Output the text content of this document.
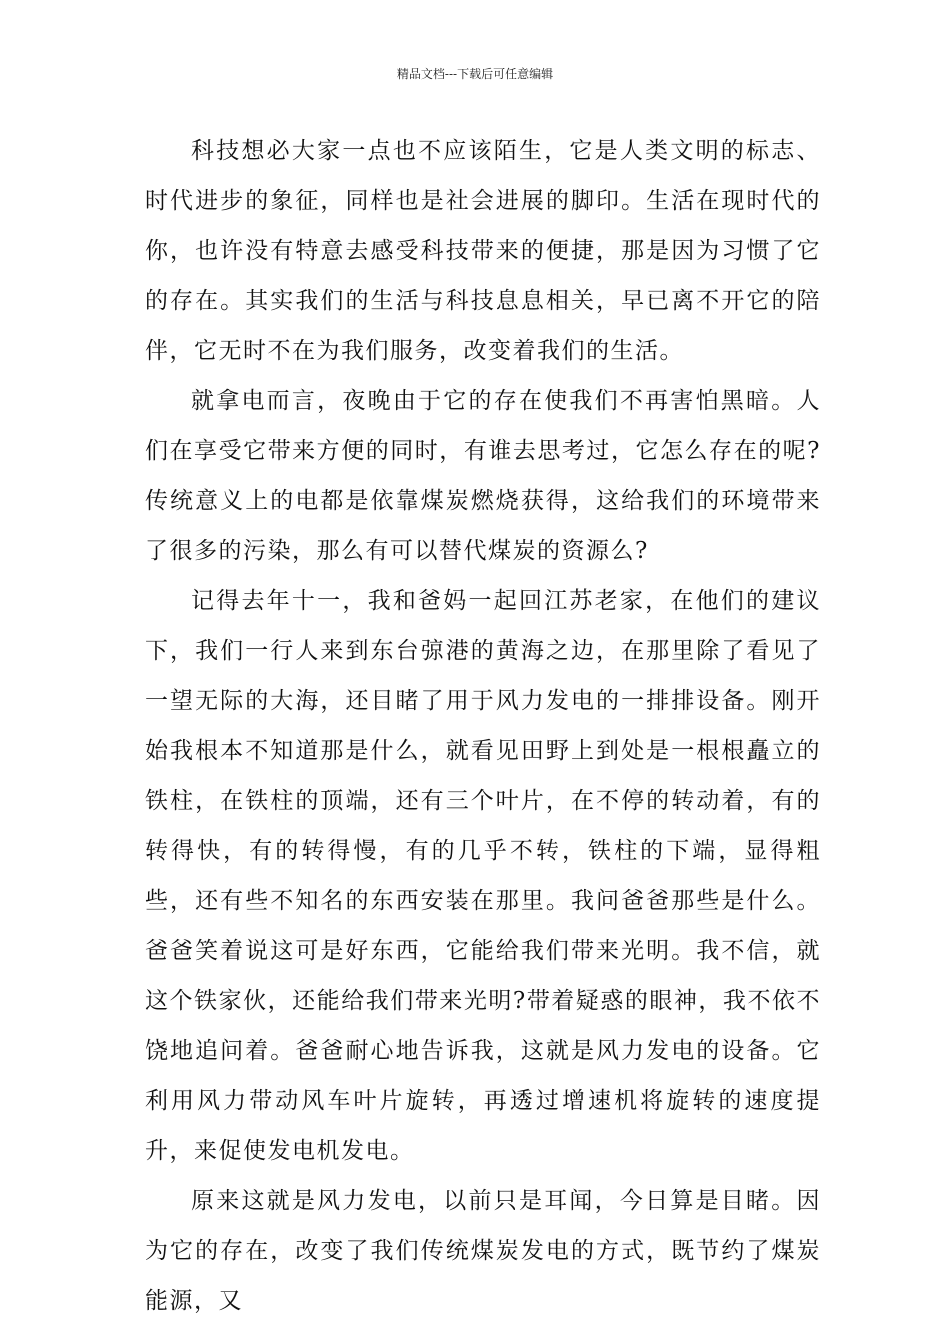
精品文档---下载后可任意编辑

科技想必大家一点也不应该陌生，它是人类文明的标志、时代进步的象征，同样也是社会进展的脚印。生活在现时代的你，也许没有特意去感受科技带来的便捷，那是因为习惯了它的存在。其实我们的生活与科技息息相关，早已离不开它的陪伴，它无时不在为我们服务，改变着我们的生活。

就拿电而言，夜晚由于它的存在使我们不再害怕黑暗。人们在享受它带来方便的同时，有谁去思考过，它怎么存在的呢?传统意义上的电都是依靠煤炭燃烧获得，这给我们的环境带来了很多的污染，那么有可以替代煤炭的资源么?

记得去年十一，我和爸妈一起回江苏老家，在他们的建议下，我们一行人来到东台弶港的黄海之边，在那里除了看见了一望无际的大海，还目睹了用于风力发电的一排排设备。刚开始我根本不知道那是什么，就看见田野上到处是一根根矗立的铁柱，在铁柱的顶端，还有三个叶片，在不停的转动着，有的转得快，有的转得慢，有的几乎不转，铁柱的下端，显得粗些，还有些不知名的东西安装在那里。我问爸爸那些是什么。爸爸笑着说这可是好东西，它能给我们带来光明。我不信，就这个铁家伙，还能给我们带来光明?带着疑惑的眼神，我不依不饶地追问着。爸爸耐心地告诉我，这就是风力发电的设备。它利用风力带动风车叶片旋转，再透过增速机将旋转的速度提升，来促使发电机发电。

原来这就是风力发电，以前只是耳闻，今日算是目睹。因为它的存在，改变了我们传统煤炭发电的方式，既节约了煤炭能源，又
